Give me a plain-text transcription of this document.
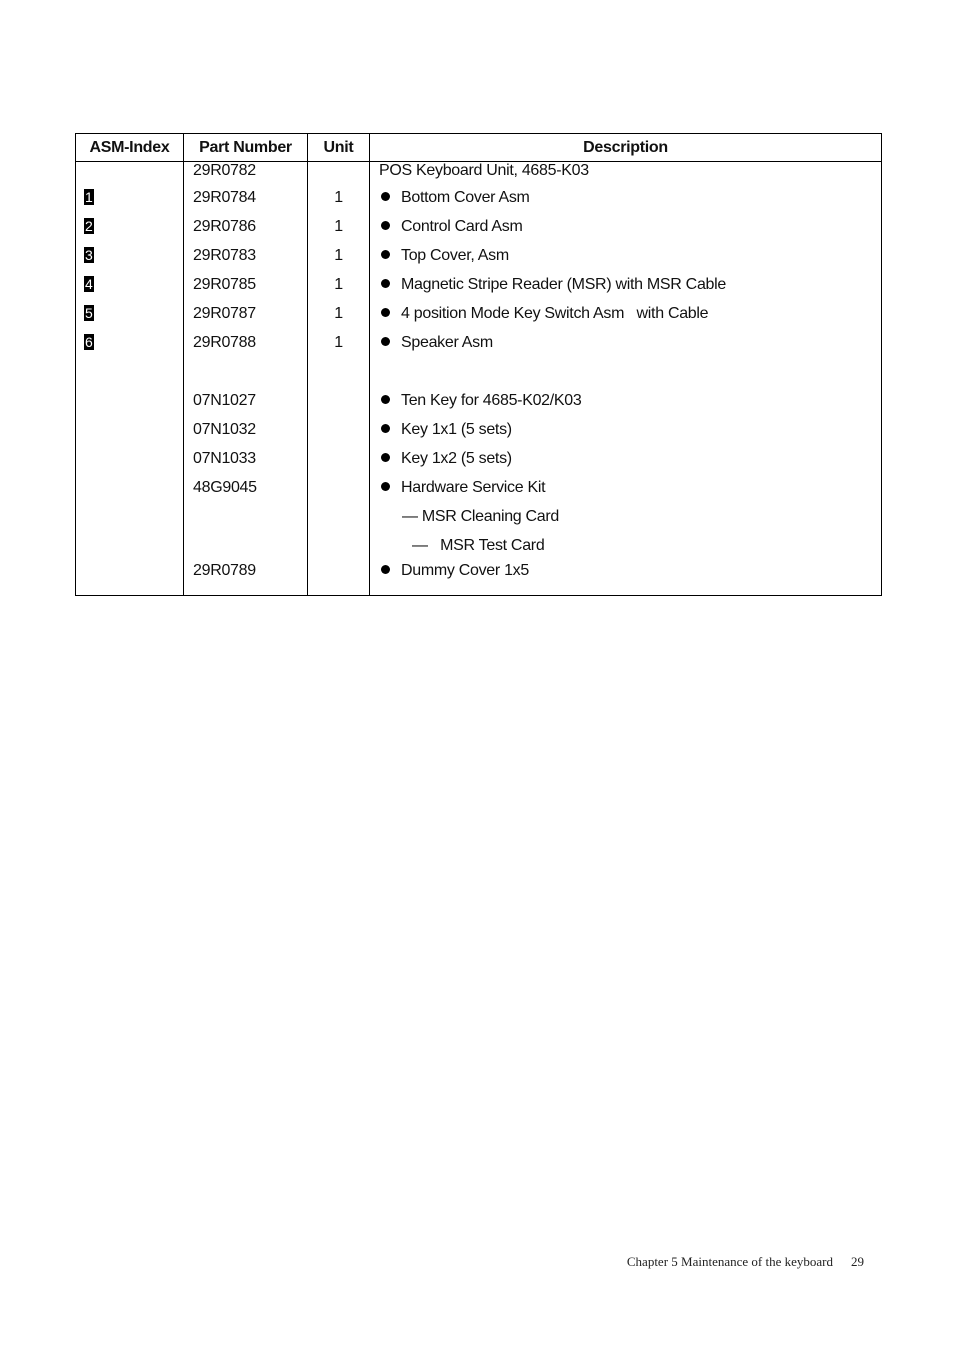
ASM-Index	Part Number	Unit	Description
	29R0782		POS Keyboard Unit, 4685-K03
1	29R0784	1	Bottom Cover Asm
2	29R0786	1	Control Card Asm
3	29R0783	1	Top Cover, Asm
4	29R0785	1	Magnetic Stripe Reader (MSR) with MSR Cable
5	29R0787	1	4 position Mode Key Switch Asm   with Cable
6	29R0788	1	Speaker Asm

	07N1027		Ten Key for 4685-K02/K03
	07N1032		Key 1x1 (5 sets)
	07N1033		Key 1x2 (5 sets)
	48G9045		Hardware Service Kit
			— MSR Cleaning Card
			—   MSR Test Card
	29R0789		Dummy Cover 1x5
Chapter 5 Maintenance of the keyboard 29
